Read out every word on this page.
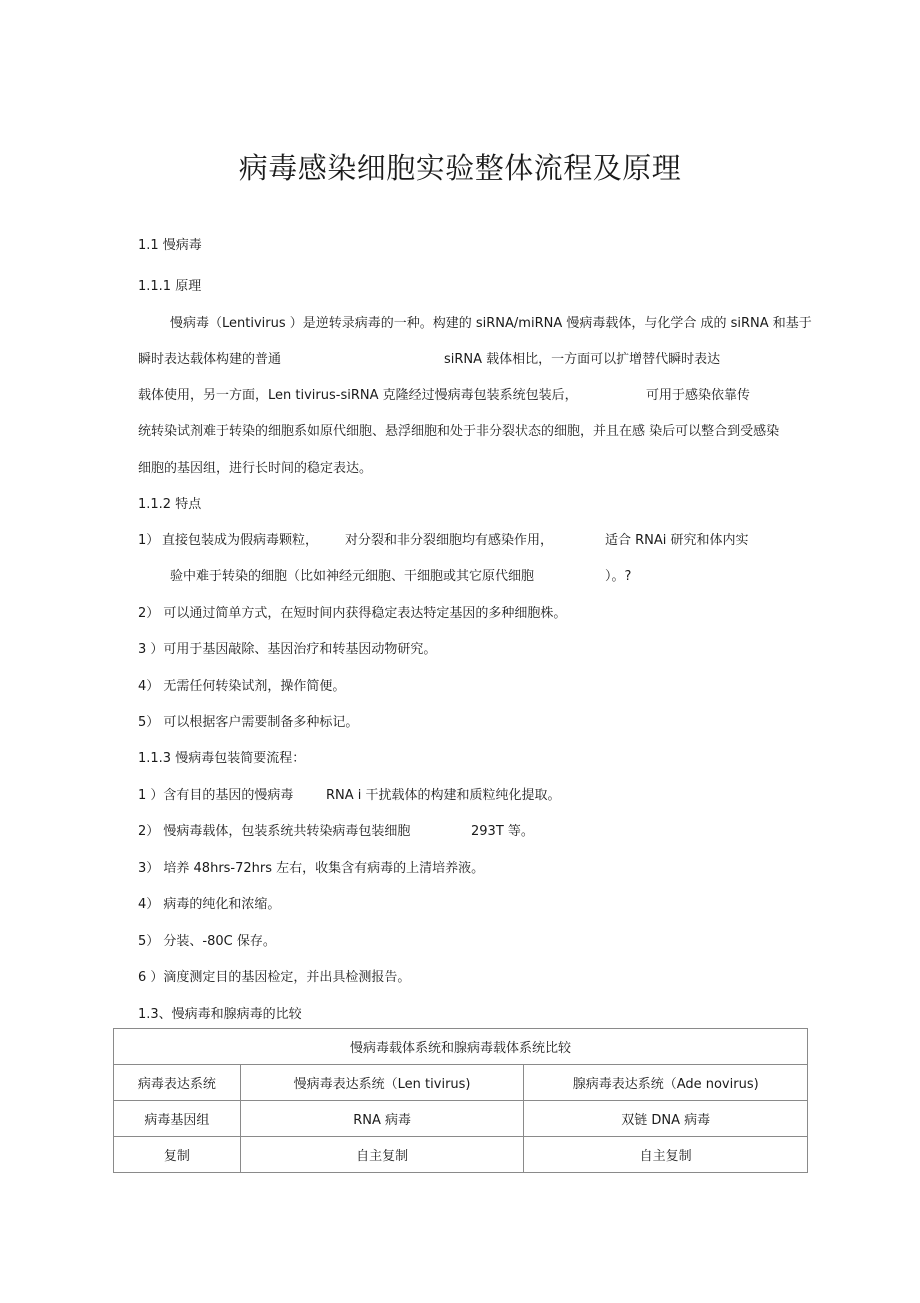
病毒感染细胞实验整体流程及原理

1.1 慢病毒

1.1.1 原理

慢病毒（Lentivirus ）是逆转录病毒的一种。构建的 siRNA/miRNA 慢病毒载体，与化学合 成的 siRNA 和基于

瞬时表达载体构建的普通	siRNA 载体相比，一方面可以扩增替代瞬时表达

载体使用，另一方面，Len tivirus-siRNA 克隆经过慢病毒包装系统包装后，	可用于感染依靠传

统转染试剂难于转染的细胞系如原代细胞、悬浮细胞和处于非分裂状态的细胞，并且在感 染后可以整合到受感染

细胞的基因组，进行长时间的稳定表达。

1.1.2 特点

1） 直接包装成为假病毒颗粒， 对分裂和非分裂细胞均有感染作用，	适合 RNAi 研究和体内实

验中难于转染的细胞（比如神经元细胞、干细胞或其它原代细胞	）。?

2） 可以通过简单方式，在短时间内获得稳定表达特定基因的多种细胞株。

3 ）可用于基因敲除、基因治疗和转基因动物研究。

4） 无需任何转染试剂，操作简便。

5） 可以根据客户需要制备多种标记。

1.1.3 慢病毒包装简要流程：

1 ）含有目的基因的慢病毒	RNA i 干扰载体的构建和质粒纯化提取。

2） 慢病毒载体，包装系统共转染病毒包装细胞	293T 等。

3） 培养 48hrs-72hrs 左右，收集含有病毒的上清培养液。

4） 病毒的纯化和浓缩。

5） 分装、-80C 保存。

6 ）滴度测定目的基因检定，并出具检测报告。

1.3、慢病毒和腺病毒的比较

慢病毒载体系统和腺病毒载体系统比较		
病毒表达系统	慢病毒表达系统（Len tivirus)	腺病毒表达系统（Ade novirus)
病毒基因组	RNA 病毒	双链 DNA 病毒
复制	自主复制	自主复制
